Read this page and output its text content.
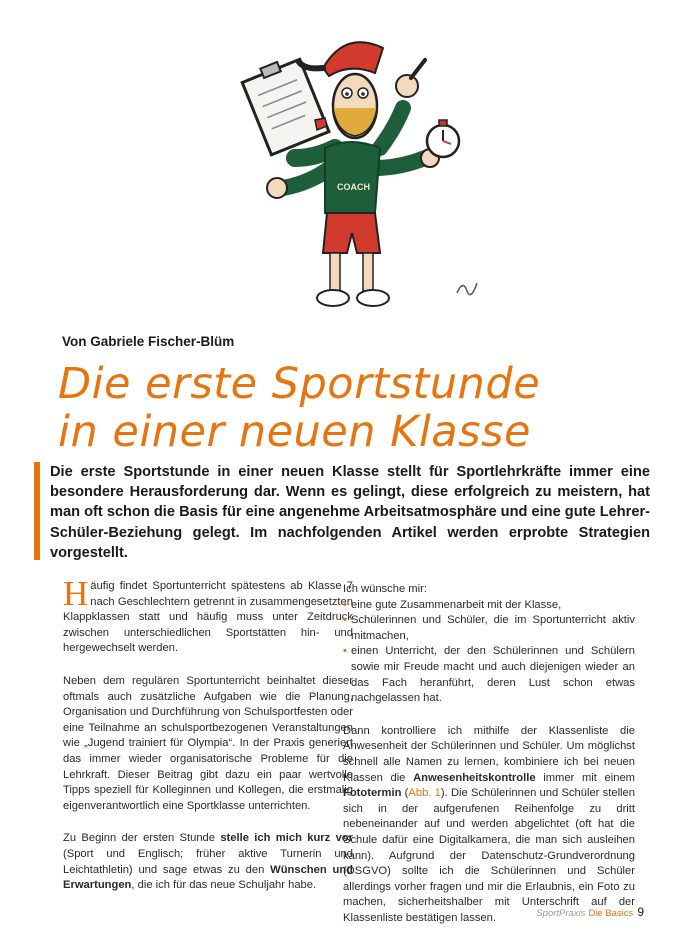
COACH
Von Gabriele Fischer-Blüm
Die erste Sportstunde
in einer neuen Klasse

Die erste Sportstunde in einer neuen Klasse stellt für Sportlehrkräfte immer eine besondere Herausforderung dar. Wenn es gelingt, diese erfolgreich zu meistern, hat man oft schon die Basis für eine angenehme Arbeitsatmosphäre und eine gute Lehrer-Schüler-Beziehung gelegt. Im nachfolgenden Artikel werden erprobte Strategien vorgestellt.

Häufig findet Sportunterricht spätestens ab Klasse 7 nach Geschlechtern getrennt in zusammengesetzten Klappklassen statt und häufig muss unter Zeitdruck zwischen unterschiedlichen Sportstätten hin- und hergewechselt werden.

Neben dem regulären Sportunterricht beinhaltet dieser oftmals auch zusätzliche Aufgaben wie die Planung, Organisation und Durchführung von Schulsportfesten oder eine Teilnahme an schulsportbezogenen Veranstaltungen wie „Jugend trainiert für Olympia“. In der Praxis generiert das immer wieder organisatorische Probleme für die Lehrkraft. Dieser Beitrag gibt dazu ein paar wertvolle Tipps speziell für Kolleginnen und Kollegen, die erstmalig eigenverantwortlich eine Sportklasse unterrichten.

Zu Beginn der ersten Stunde stelle ich mich kurz vor (Sport und Englisch; früher aktive Turnerin und Leichtathletin) und sage etwas zu den Wünschen und Erwartungen, die ich für das neue Schuljahr habe.

Ich wünsche mir:
• eine gute Zusammenarbeit mit der Klasse,
• Schülerinnen und Schüler, die im Sportunterricht aktiv mitmachen,
• einen Unterricht, der den Schülerinnen und Schülern sowie mir Freude macht und auch diejenigen wieder an das Fach heranführt, deren Lust schon etwas nachgelassen hat.

Dann kontrolliere ich mithilfe der Klassenliste die Anwesenheit der Schülerinnen und Schüler. Um möglichst schnell alle Namen zu lernen, kombiniere ich bei neuen Klassen die Anwesenheitskontrolle immer mit einem Fototermin (Abb. 1). Die Schülerinnen und Schüler stellen sich in der aufgerufenen Reihenfolge zu dritt nebeneinander auf und werden abgelichtet (oft hat die Schule dafür eine Digitalkamera, die man sich ausleihen kann). Aufgrund der Datenschutz-Grundverordnung (DSGVO) sollte ich die Schülerinnen und Schüler allerdings vorher fragen und mir die Erlaubnis, ein Foto zu machen, sicherheitshalber mit Unterschrift auf der Klassenliste bestätigen lassen.	SportPraxis Die Basics 9
